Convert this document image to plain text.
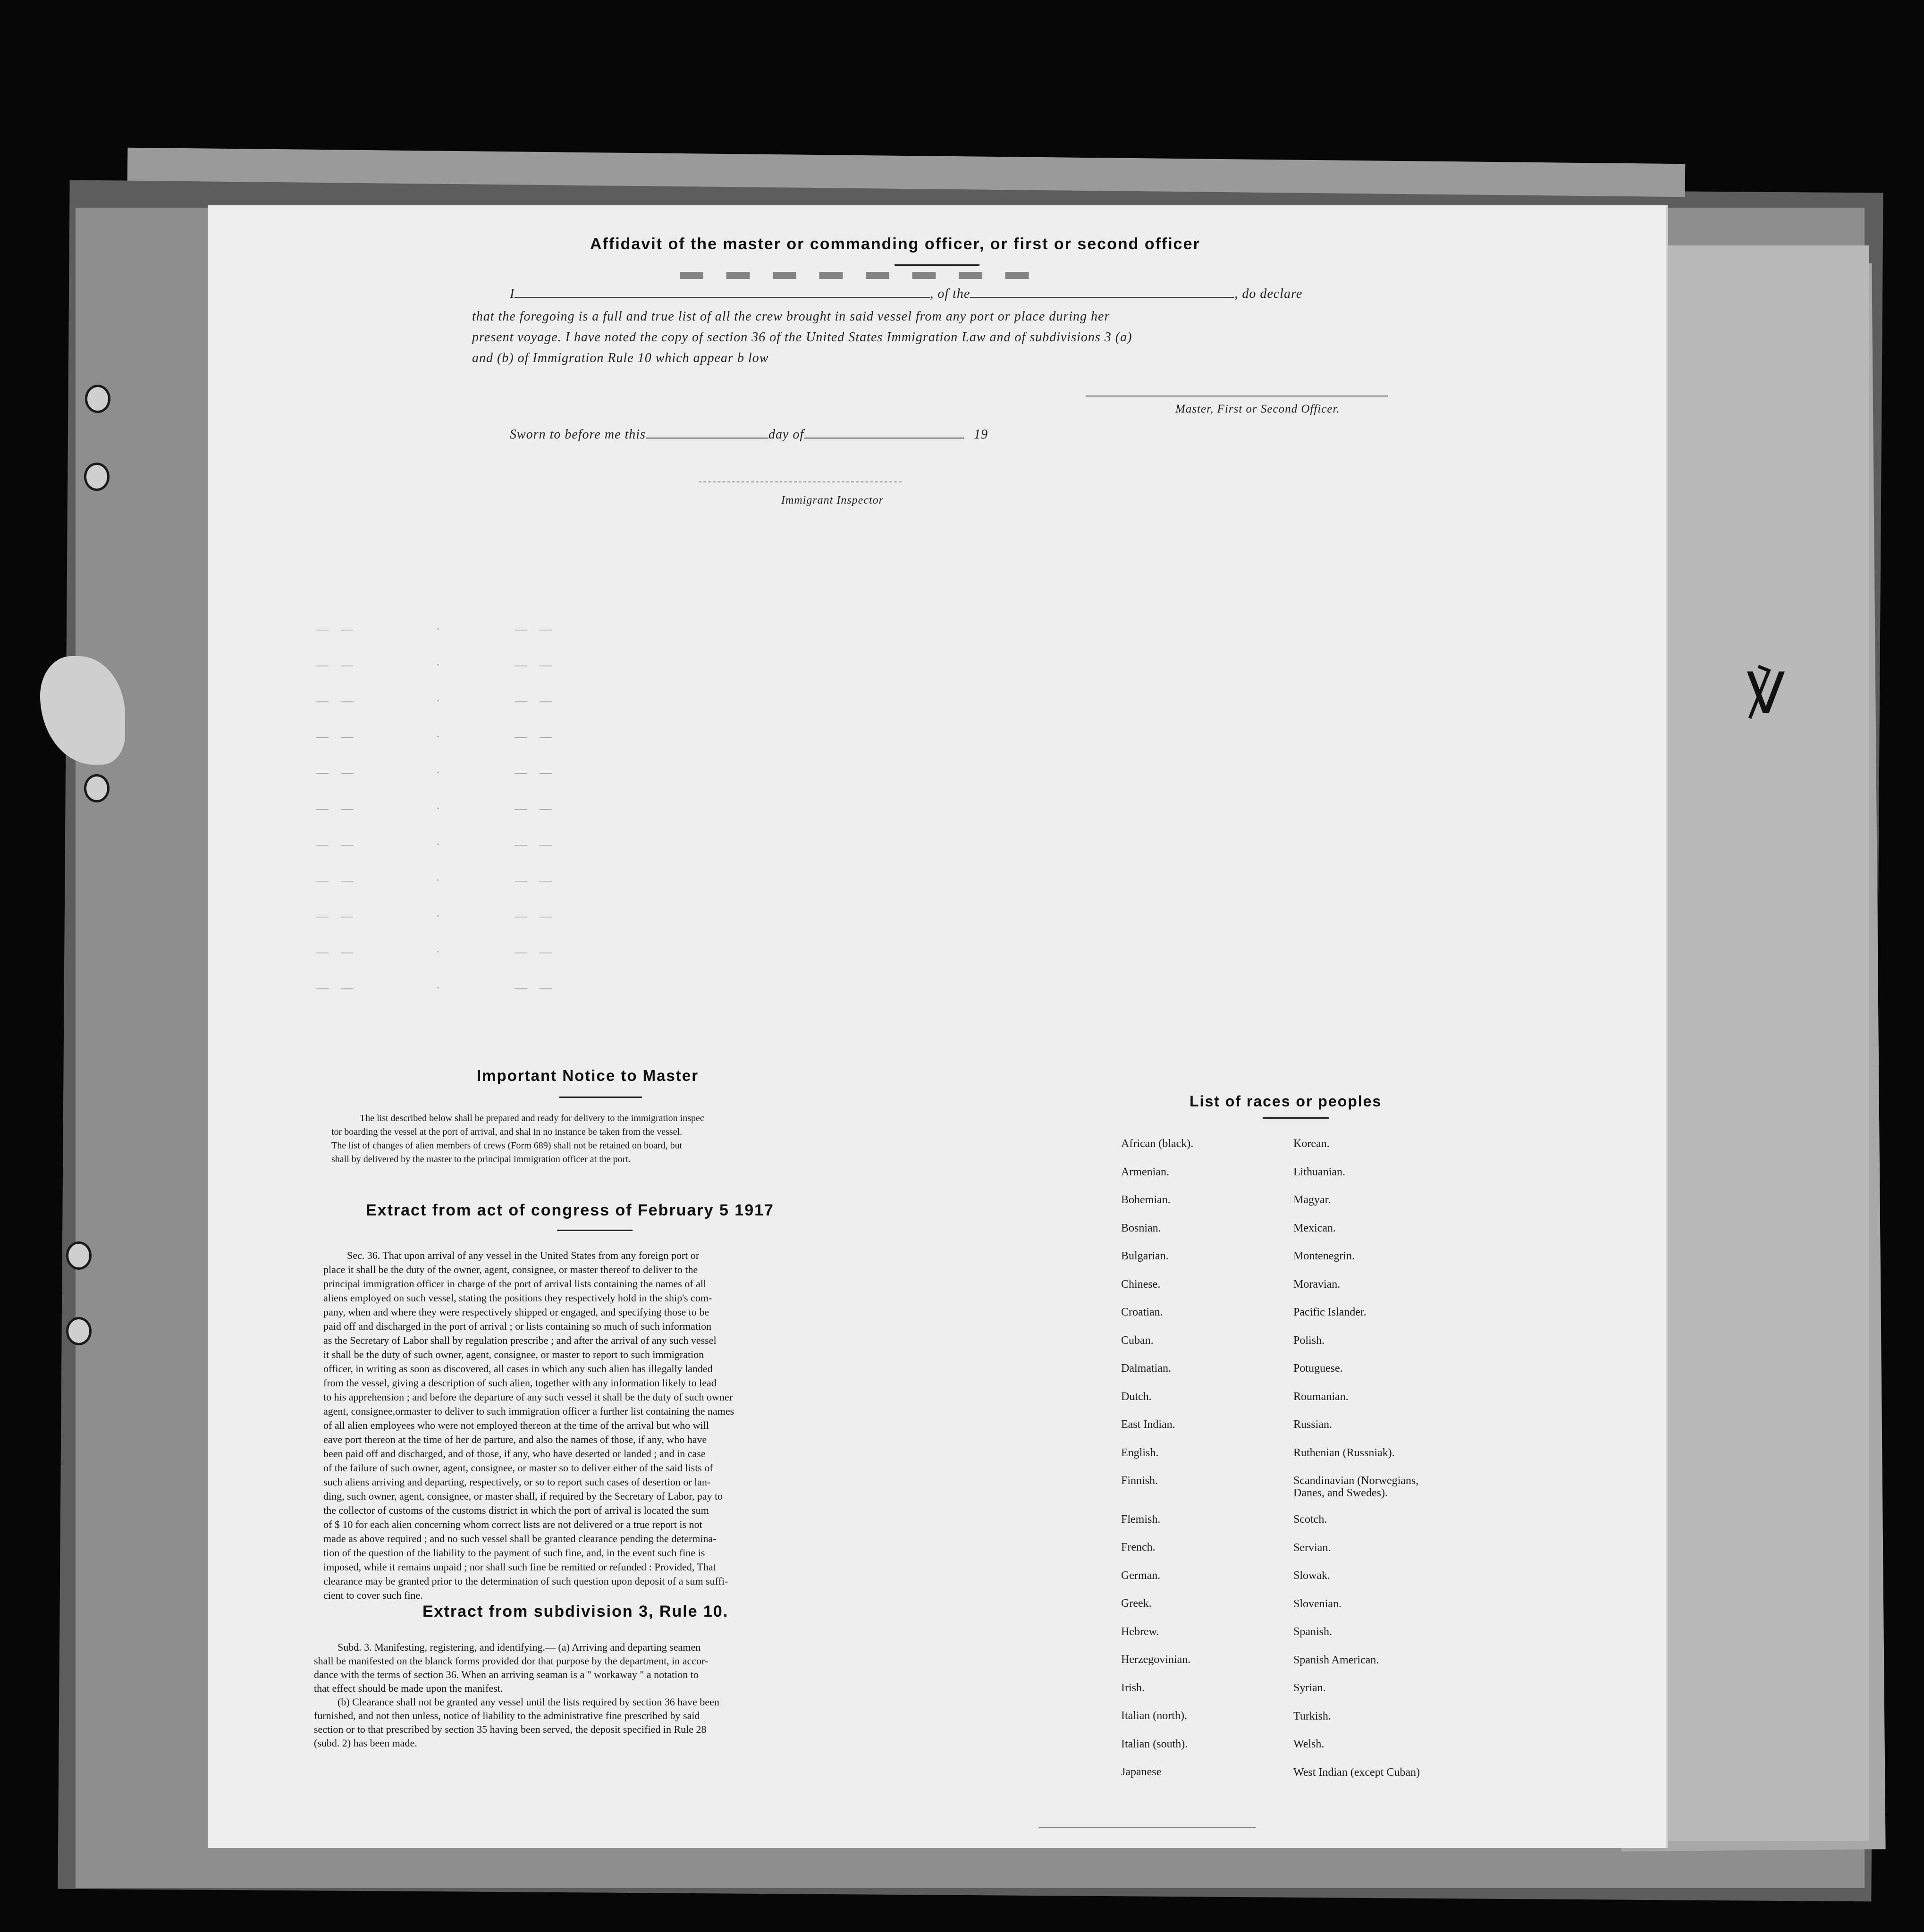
℣
Affidavit of the master or commanding officer, or first or second officer
I	, of the	, do declare
that the foregoing is a full and true list of all the crew brought in said vessel from any port or place during her
present voyage. I have noted the copy of section 36 of the United States Immigration Law and of subdivisions 3 (a)
and (b) of Immigration Rule 10 which appear b low
Master, First or Second Officer.
Sworn to before me this	day of	19
Immigrant Inspector
▬ ▬ ▬ ▬ ▬ ▬ ▬ ▬
— —          ·         — —
— —          ·         — —
— —          ·         — —
— —          ·         — —
— —          ·         — —
— —          ·         — —
— —          ·         — —
— —          ·         — —
— —          ·         — —
— —          ·         — —
— —          ·         — —
Important Notice to Master
The list described below shall be prepared and ready for delivery to the immigration inspec
tor boarding the vessel at the port of arrival, and shal in no instance be taken from the vessel.
The list of changes of alien members of crews (Form 689) shall not be retained on board, but
shall by delivered by the master to the principal immigration officer at the port.
Extract from act of congress of February 5 1917
Sec. 36. That upon arrival of any vessel in the United States from any foreign port or
place it shall be the duty of the owner, agent, consignee, or master thereof to deliver to the
principal immigration officer in charge of the port of arrival lists containing the names of all
aliens employed on such vessel, stating the positions they respectively hold in the ship's com-
pany, when and where they were respectively shipped or engaged, and specifying those to be
paid off and discharged in the port of arrival ; or lists containing so much of such information
as the Secretary of Labor shall by regulation prescribe ; and after the arrival of any such vessel
it shall be the duty of such owner, agent, consignee, or master to report to such immigration
officer, in writing as soon as discovered, all cases in which any such alien has illegally landed
from the vessel, giving a description of such alien, together with any information likely to lead
to his apprehension ; and before the departure of any such vessel it shall be the duty of such owner
agent, consignee,ormaster to deliver to such immigration officer a further list containing the names
of all alien employees who were not employed thereon at the time of the arrival but who will
eave port thereon at the time of her de parture, and also the names of those, if any, who have
been paid off and discharged, and of those, if any, who have deserted or landed ; and in case
of the failure of such owner, agent, consignee, or master so to deliver either of the said lists of
such aliens arriving and departing, respectively, or so to report such cases of desertion or lan-
ding, such owner, agent, consignee, or master shall, if required by the Secretary of Labor, pay to
the collector of customs of the customs district in which the port of arrival is located the sum
of $ 10 for each alien concerning whom correct lists are not delivered or a true report is not
made as above required ; and no such vessel shall be granted clearance pending the determina-
tion of the question of the liability to the payment of such fine, and, in the event such fine is
imposed, while it remains unpaid ; nor shall such fine be remitted or refunded : Provided, That
clearance may be granted prior to the determination of such question upon deposit of a sum suffi-
cient to cover such fine.
Extract from subdivision 3, Rule 10.
Subd. 3. Manifesting, registering, and identifying.— (a) Arriving and departing seamen
shall be manifested on the blanck forms provided dor that purpose by the department, in accor-
dance with the terms of section 36. When an arriving seaman is a " workaway " a notation to
that effect should be made upon the manifest.
(b) Clearance shall not be granted any vessel until the lists required by section 36 have been
furnished, and not then unless, notice of liability to the administrative fine prescribed by said
section or to that prescribed by section 35 having been served, the deposit specified in Rule 28
(subd. 2) has been made.
List of races or peoples
African (black).
Armenian.
Bohemian.
Bosnian.
Bulgarian.
Chinese.
Croatian.
Cuban.
Dalmatian.
Dutch.
East Indian.
English.
Finnish.
Flemish.
French.
German.
Greek.
Hebrew.
Herzegovinian.
Irish.
Italian (north).
Italian (south).
Japanese
Korean.
Lithuanian.
Magyar.
Mexican.
Montenegrin.
Moravian.
Pacific Islander.
Polish.
Potuguese.
Roumanian.
Russian.
Ruthenian (Russniak).
Scandinavian (Norwegians, Danes, and Swedes).
Scotch.
Servian.
Slowak.
Slovenian.
Spanish.
Spanish American.
Syrian.
Turkish.
Welsh.
West Indian (except Cuban)
